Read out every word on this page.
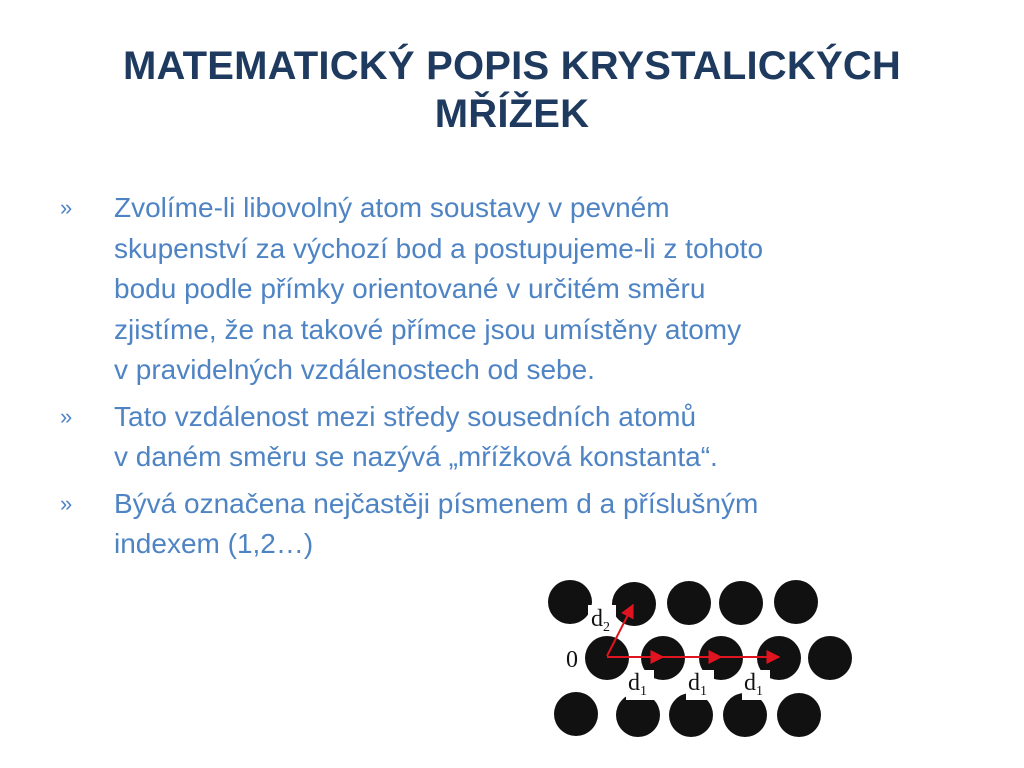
MATEMATICKÝ POPIS KRYSTALICKÝCH
MŘÍŽEK
» Zvolíme-li libovolný atom soustavy v pevném
skupenství za výchozí bod a postupujeme-li z tohoto
bodu podle přímky orientované v určitém směru
zjistíme, že na takové přímce jsou umístěny atomy
v pravidelných vzdálenostech od sebe.
» Tato vzdálenost mezi středy sousedních atomů
v daném směru se nazývá „mřížková konstanta“.
» Bývá označena nejčastěji písmenem d a příslušným
indexem (1,2…)
0
$d_2$
$d_1$ $d_1$ $d_1$
